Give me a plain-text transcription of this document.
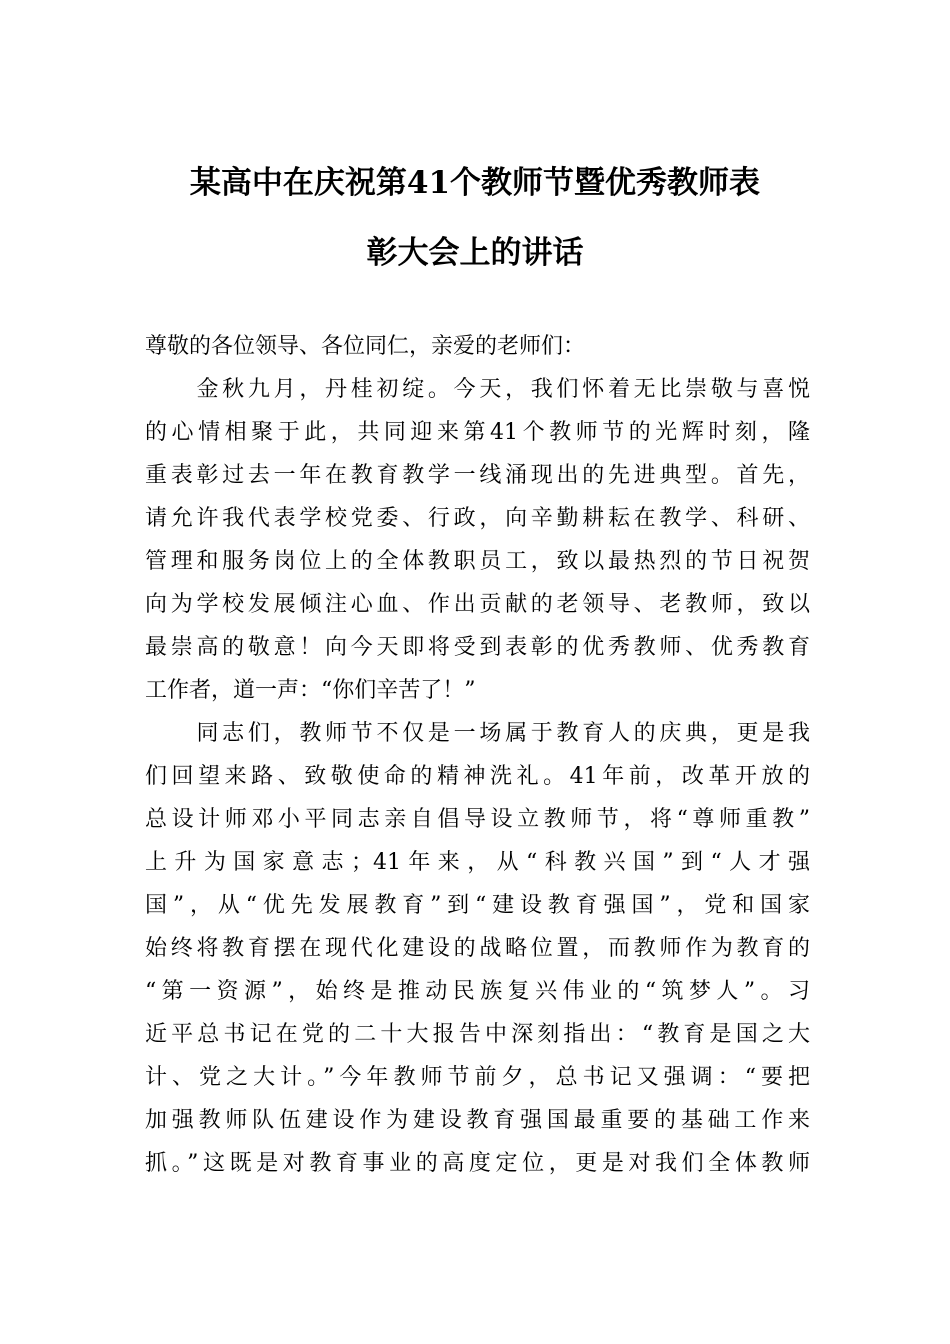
某高中在庆祝第41个教师节暨优秀教师表
彰大会上的讲话
尊敬的各位领导、各位同仁，亲爱的老师们：
　　金秋九月，丹桂初绽。今天，我们怀着无比崇敬与喜悦
的心情相聚于此，共同迎来第41个教师节的光辉时刻，隆
重表彰过去一年在教育教学一线涌现出的先进典型。首先，
请允许我代表学校党委、行政，向辛勤耕耘在教学、科研、
管理和服务岗位上的全体教职员工，致以最热烈的节日祝贺
向为学校发展倾注心血、作出贡献的老领导、老教师，致以
最崇高的敬意！向今天即将受到表彰的优秀教师、优秀教育
工作者，道一声：“你们辛苦了！”
　　同志们，教师节不仅是一场属于教育人的庆典，更是我
们回望来路、致敬使命的精神洗礼。41年前，改革开放的
总设计师邓小平同志亲自倡导设立教师节，将“尊师重教”
上升为国家意志；41年来，从“科教兴国”到“人才强
国”，从“优先发展教育”到“建设教育强国”，党和国家
始终将教育摆在现代化建设的战略位置，而教师作为教育的
“第一资源”，始终是推动民族复兴伟业的“筑梦人”。习
近平总书记在党的二十大报告中深刻指出：“教育是国之大
计、党之大计。”今年教师节前夕，总书记又强调：“要把
加强教师队伍建设作为建设教育强国最重要的基础工作来
抓。”这既是对教育事业的高度定位，更是对我们全体教师
